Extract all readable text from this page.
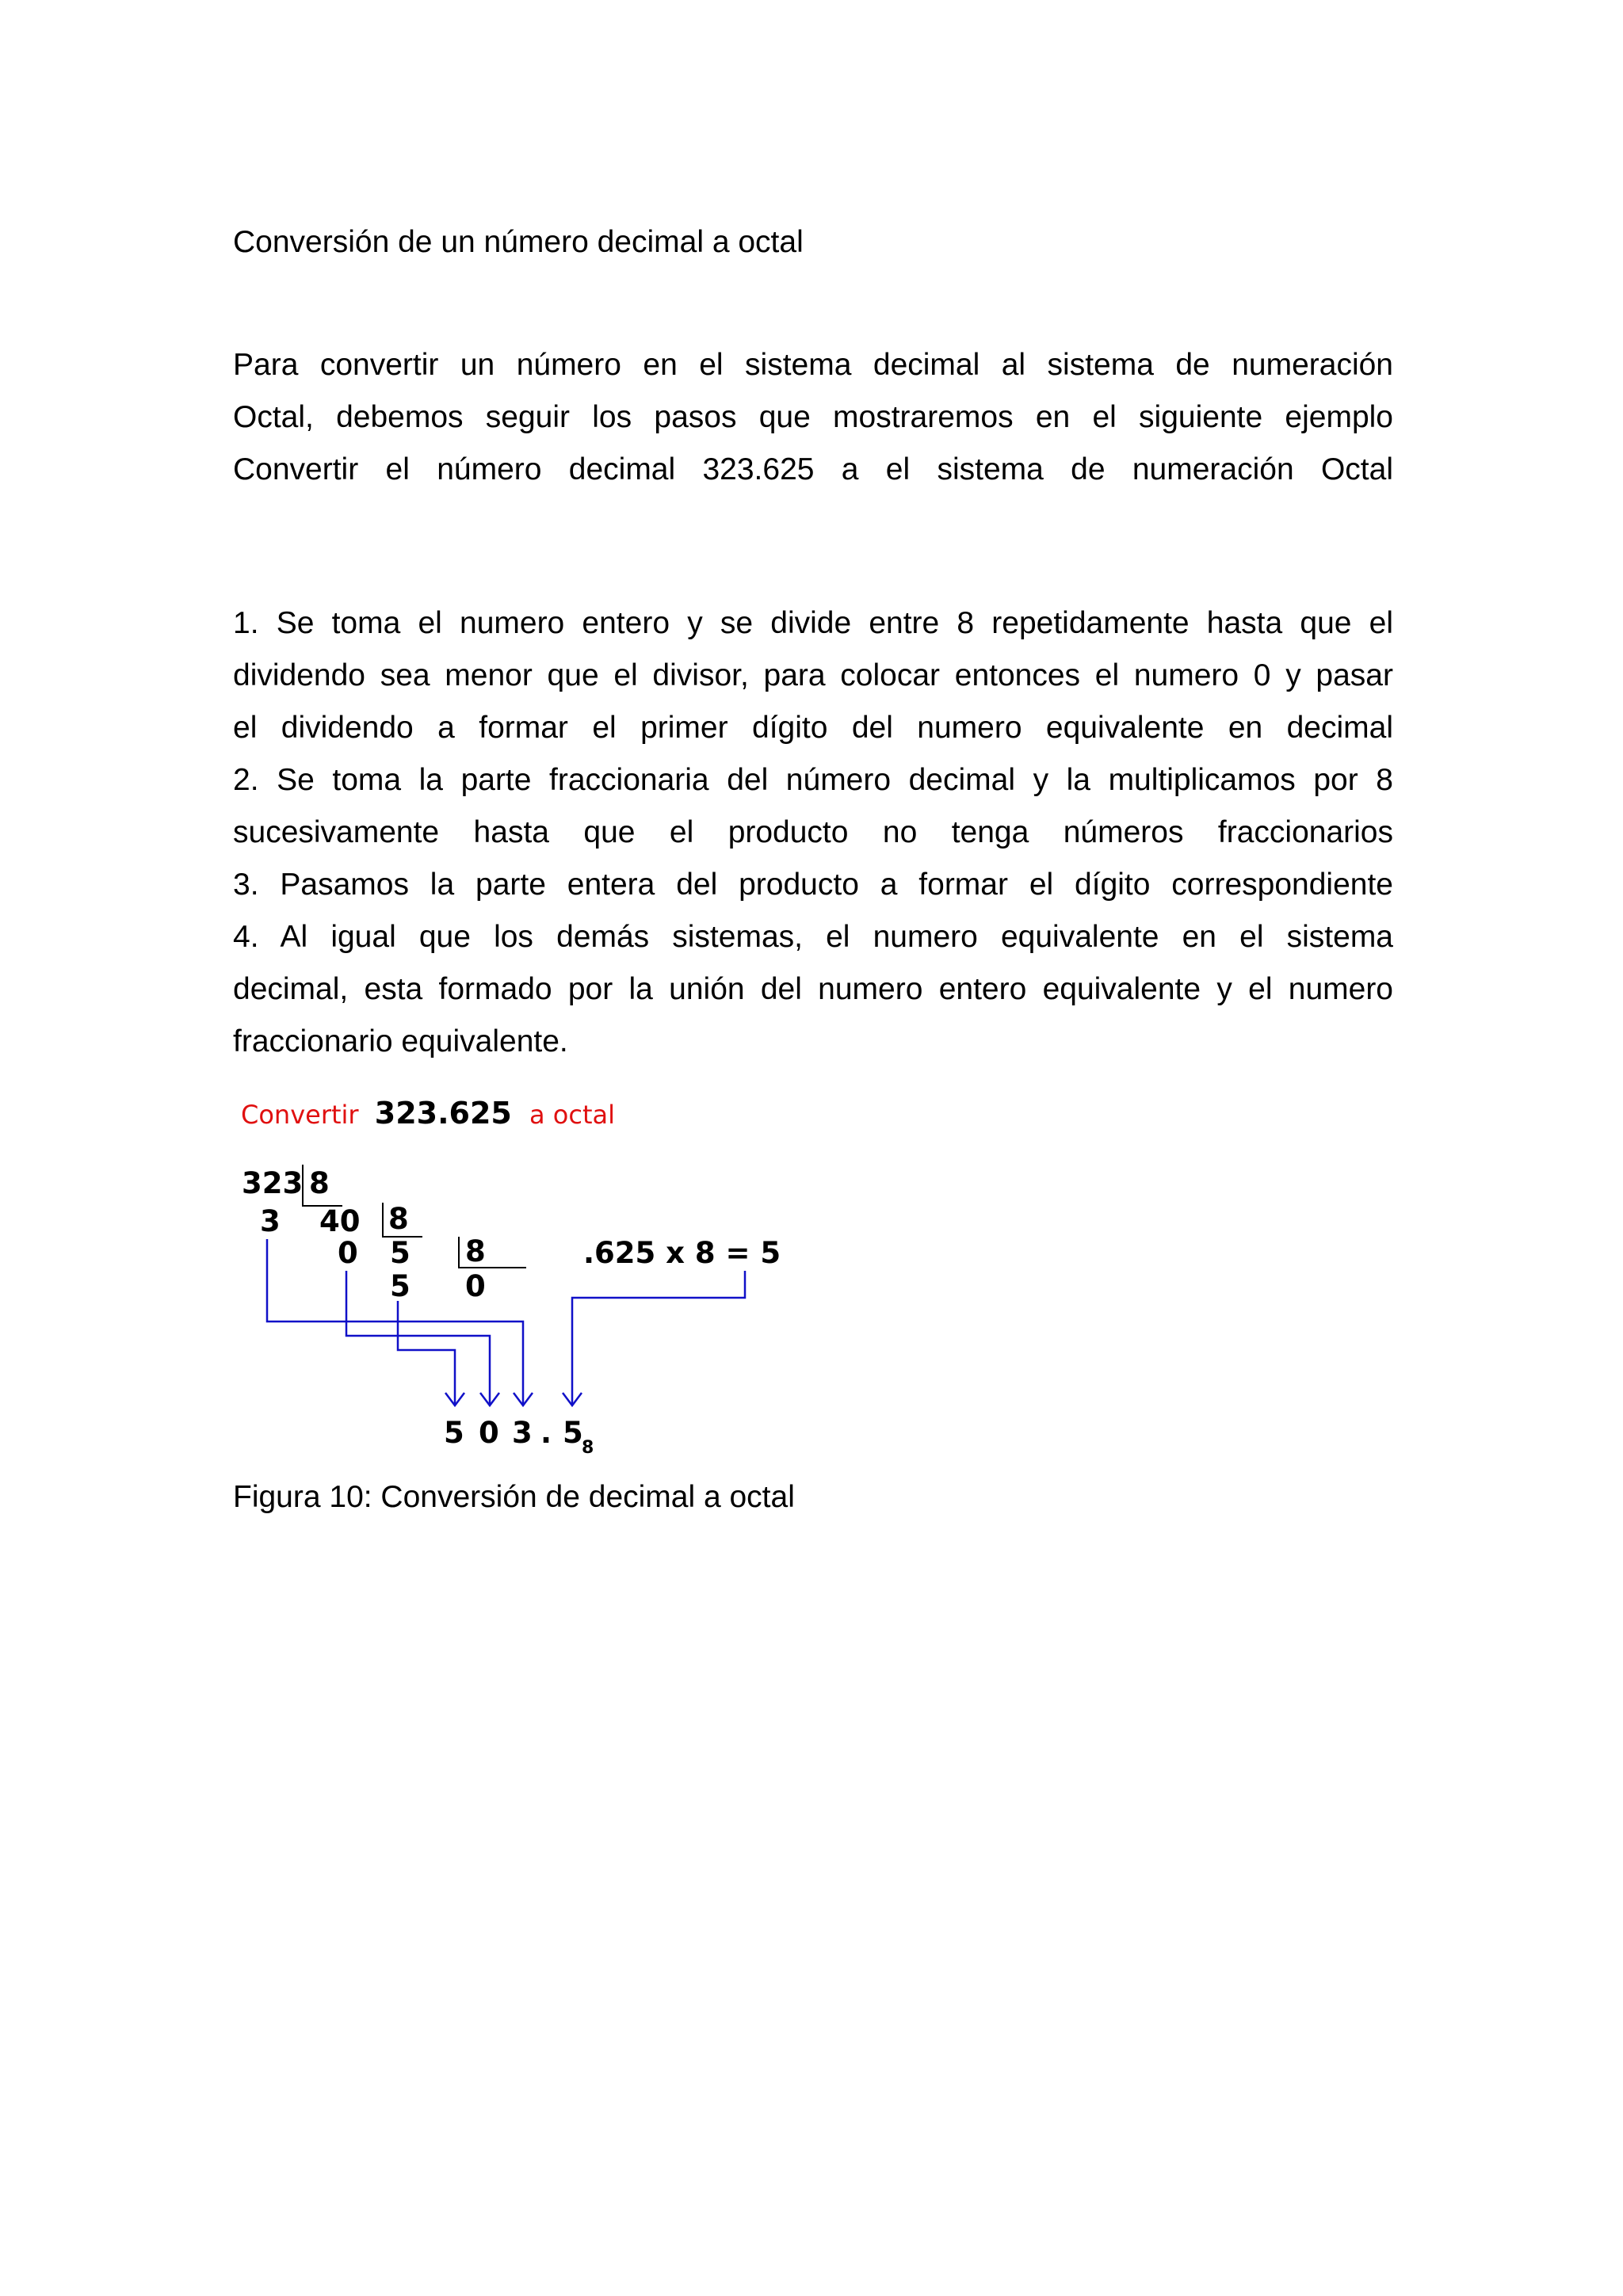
Conversión de un número decimal a octal
Para convertir un número en el sistema decimal al sistema de numeración
Octal, debemos seguir los pasos que mostraremos en el siguiente ejemplo
Convertir el número decimal 323.625 a el sistema de numeración Octal
1. Se toma el numero entero y se divide entre 8 repetidamente hasta que el
dividendo sea menor que el divisor, para colocar entonces el numero 0 y pasar
el dividendo a formar el primer dígito del numero equivalente en decimal
2. Se toma la parte fraccionaria del número decimal y la multiplicamos por 8
sucesivamente hasta que el producto no tenga números fraccionarios
3. Pasamos la parte entera del producto a formar el dígito correspondiente
4. Al igual que los demás sistemas, el numero equivalente en el sistema
decimal, esta formado por la unión del numero entero equivalente y el numero
fraccionario equivalente.
Convertir 323.625 a octal
323 8
3 40 8
0 5 8
5 0
.625 x 8 = 5
5 0 3 . 5
8
Figura 10: Conversión de decimal a octal
